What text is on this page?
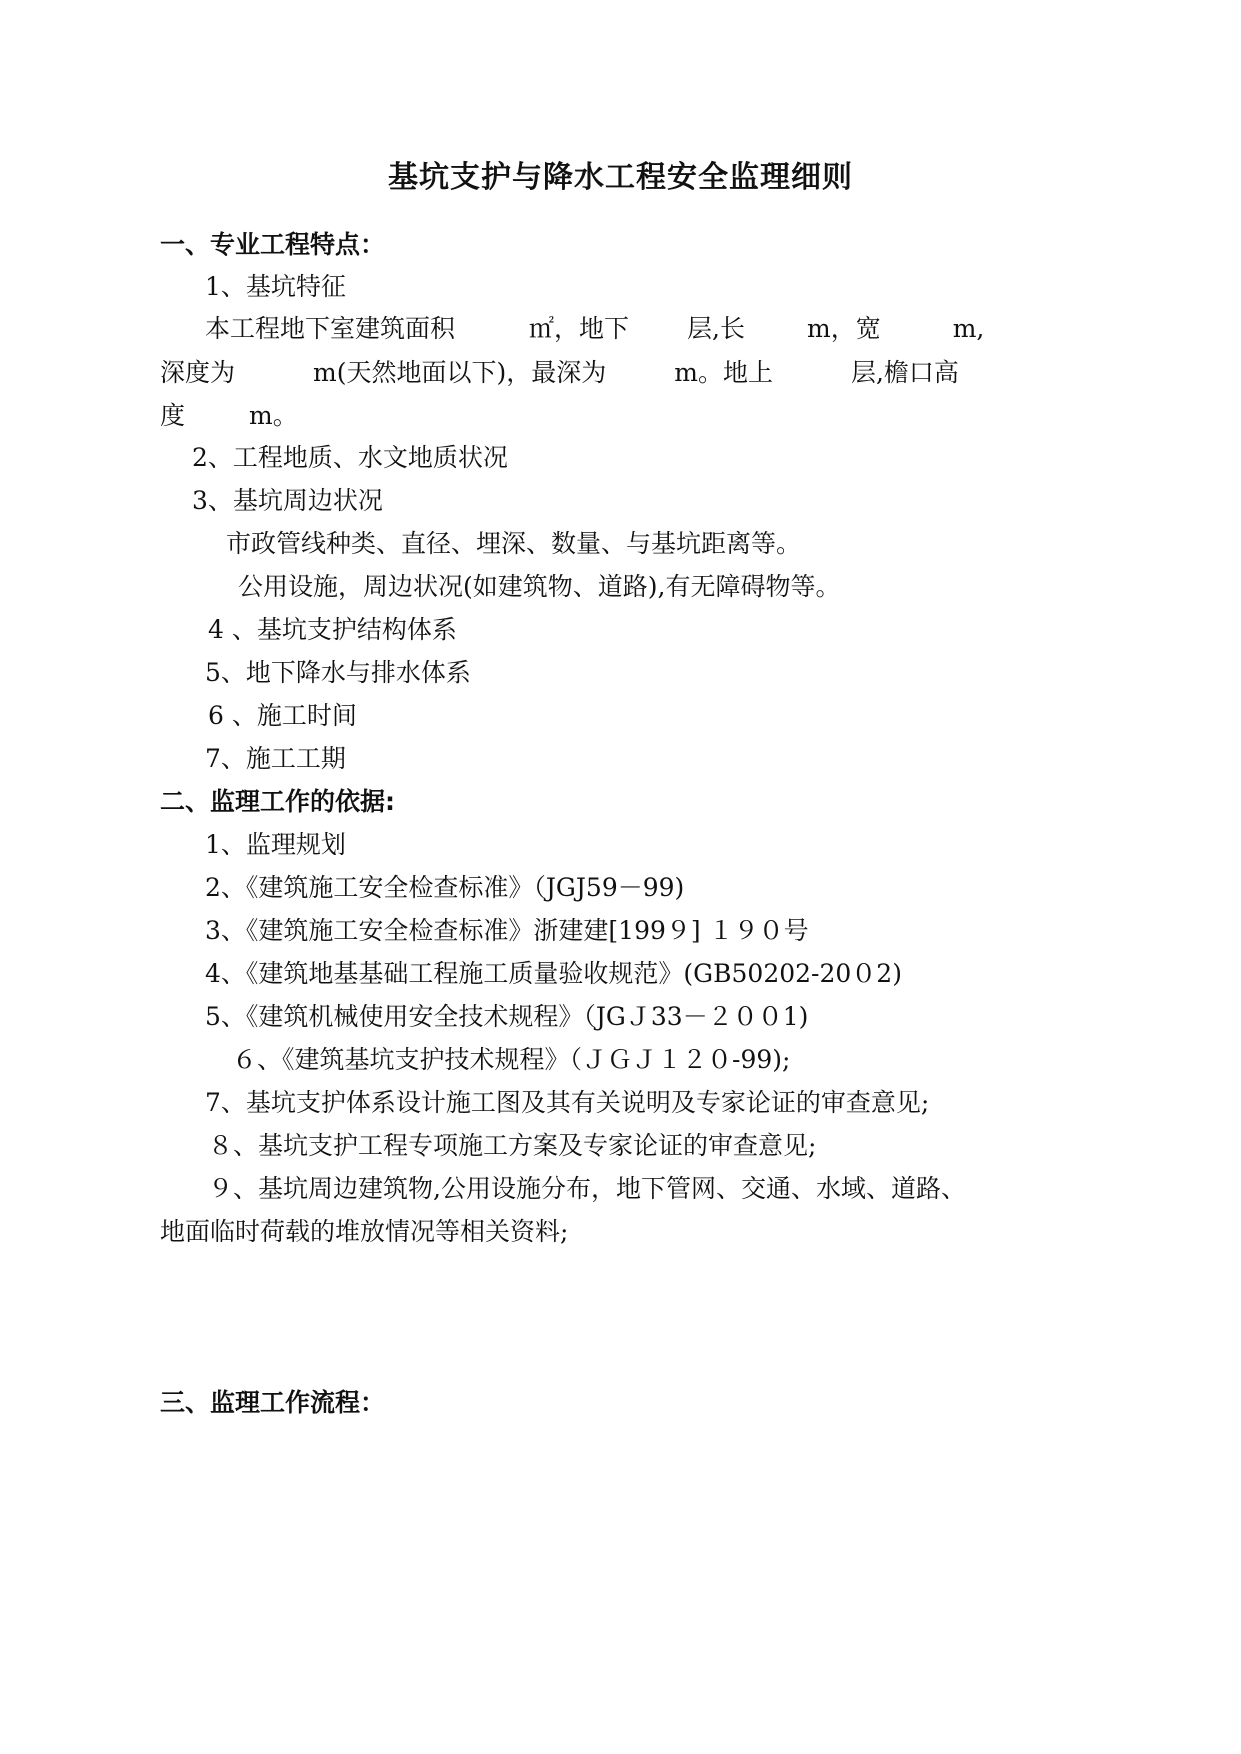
基坑支护与降水工程安全监理细则
一、专业工程特点：
1、基坑特征
本工程地下室建筑面积	㎡，地下 层,长 m，宽	m,
深度为	m(天然地面以下)，最深为	m。地上	层,檐口高
度	m。
2、工程地质、水文地质状况
3、基坑周边状况
市政管线种类、直径、埋深、数量、与基坑距离等。
公用设施，周边状况(如建筑物、道路),有无障碍物等。
4 、基坑支护结构体系
5、地下降水与排水体系
6 、施工时间
7、施工工期
二、监理工作的依据:
1、监理规划
2、《建筑施工安全检查标准》（JGJ59－99)
3、《建筑施工安全检查标准》浙建建[199９] １９０号
4、《建筑地基基础工程施工质量验收规范》(GB50202-20０2)
5、《建筑机械使用安全技术规程》（JGＪ33－２００1)
６、《建筑基坑支护技术规程》（ＪＧＪ１２０-99);
7、基坑支护体系设计施工图及其有关说明及专家论证的审查意见;
８、基坑支护工程专项施工方案及专家论证的审查意见;
９、基坑周边建筑物,公用设施分布，地下管网、交通、水域、道路、
地面临时荷载的堆放情况等相关资料;
三、监理工作流程：
